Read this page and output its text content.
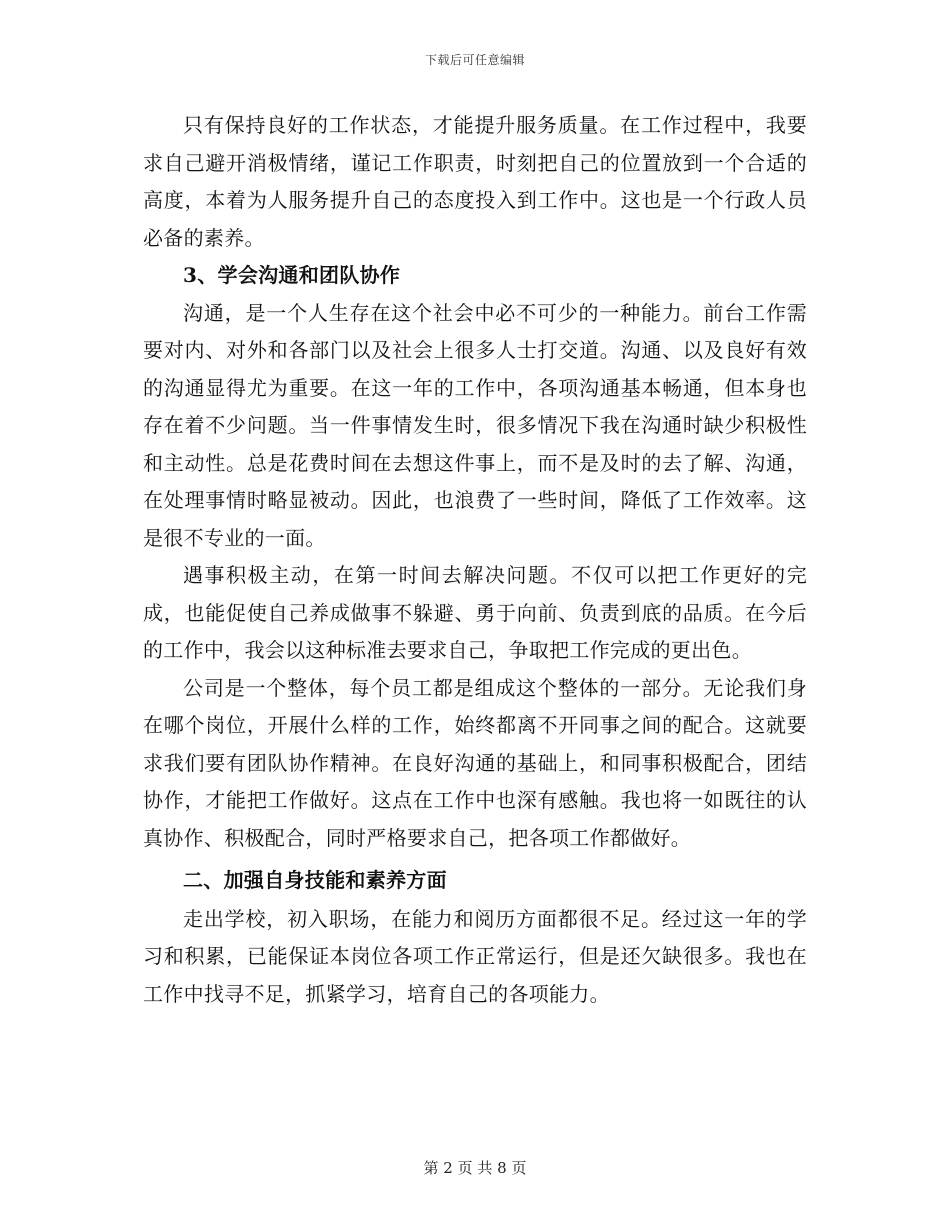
下载后可任意编辑

只有保持良好的工作状态，才能提升服务质量。在工作过程中，我要求自己避开消极情绪，谨记工作职责，时刻把自己的位置放到一个合适的高度，本着为人服务提升自己的态度投入到工作中。这也是一个行政人员必备的素养。

3、学会沟通和团队协作

沟通，是一个人生存在这个社会中必不可少的一种能力。前台工作需要对内、对外和各部门以及社会上很多人士打交道。沟通、以及良好有效的沟通显得尤为重要。在这一年的工作中，各项沟通基本畅通，但本身也存在着不少问题。当一件事情发生时，很多情况下我在沟通时缺少积极性和主动性。总是花费时间在去想这件事上，而不是及时的去了解、沟通，在处理事情时略显被动。因此，也浪费了一些时间，降低了工作效率。这是很不专业的一面。

遇事积极主动，在第一时间去解决问题。不仅可以把工作更好的完成，也能促使自己养成做事不躲避、勇于向前、负责到底的品质。在今后的工作中，我会以这种标准去要求自己，争取把工作完成的更出色。

公司是一个整体，每个员工都是组成这个整体的一部分。无论我们身在哪个岗位，开展什么样的工作，始终都离不开同事之间的配合。这就要求我们要有团队协作精神。在良好沟通的基础上，和同事积极配合，团结协作，才能把工作做好。这点在工作中也深有感触。我也将一如既往的认真协作、积极配合，同时严格要求自己，把各项工作都做好。

二、加强自身技能和素养方面

走出学校，初入职场，在能力和阅历方面都很不足。经过这一年的学习和积累，已能保证本岗位各项工作正常运行，但是还欠缺很多。我也在工作中找寻不足，抓紧学习，培育自己的各项能力。

第 2 页 共 8 页
